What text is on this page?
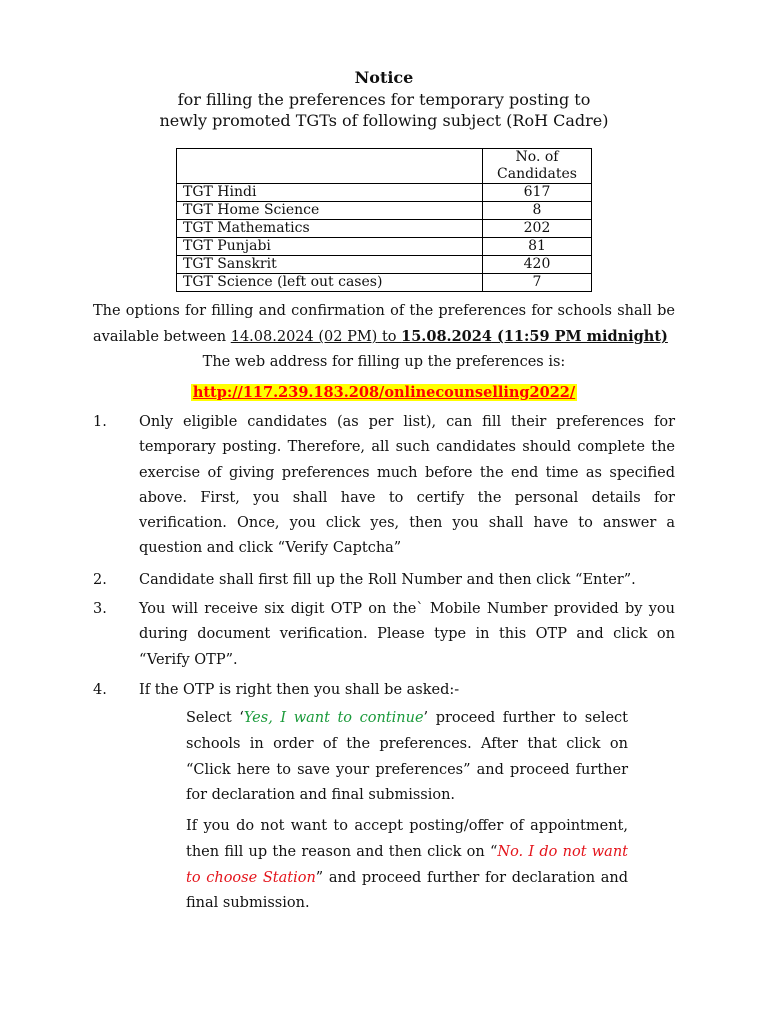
Notice
for filling the preferences for temporary posting to
newly promoted TGTs of following subject (RoH Cadre)
	No. of Candidates
TGT Hindi	617
TGT Home Science	8
TGT Mathematics	202
TGT Punjabi	81
TGT Sanskrit	420
TGT Science (left out cases)	7
The options for filling and confirmation of the preferences for schools shall be available between 14.08.2024 (02 PM) to 15.08.2024 (11:59 PM midnight)
The web address for filling up the preferences is:
http://117.239.183.208/onlinecounselling2022/
1.	Only eligible candidates (as per list), can fill their preferences for temporary posting. Therefore, all such candidates should complete the exercise of giving preferences much before the end time as specified above. First, you shall have to certify the personal details for verification. Once, you click yes, then you shall have to answer a question and click “Verify Captcha”
2.	Candidate shall first fill up the Roll Number and then click “Enter”.
3.	You will receive six digit OTP on the` Mobile Number provided by you during document verification. Please type in this OTP and click on “Verify OTP”.
4.	If the OTP is right then you shall be asked:-
Select ‘Yes, I want to continue’ proceed further to select schools in order of the preferences. After that click on “Click here to save your preferences” and proceed further for declaration and final submission.
If you do not want to accept posting/offer of appointment, then fill up the reason and then click on “No. I do not want to choose Station” and proceed further for declaration and final submission.
